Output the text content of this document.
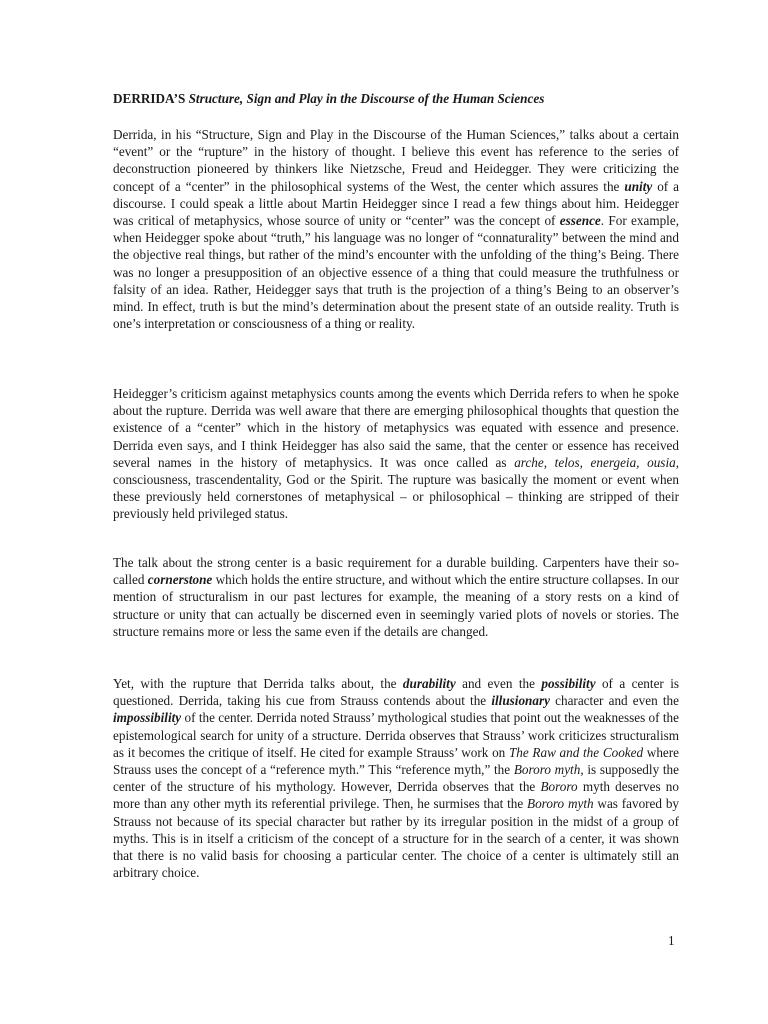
DERRIDA’S Structure, Sign and Play in the Discourse of the Human Sciences

Derrida, in his “Structure, Sign and Play in the Discourse of the Human Sciences,” talks about a certain “event” or the “rupture” in the history of thought. I believe this event has reference to the series of deconstruction pioneered by thinkers like Nietzsche, Freud and Heidegger. They were criticizing the concept of a “center” in the philosophical systems of the West, the center which assures the unity of a discourse. I could speak a little about Martin Heidegger since I read a few things about him. Heidegger was critical of metaphysics, whose source of unity or “center” was the concept of essence. For example, when Heidegger spoke about “truth,” his language was no longer of “connaturality” between the mind and the objective real things, but rather of the mind’s encounter with the unfolding of the thing’s Being. There was no longer a presupposition of an objective essence of a thing that could measure the truthfulness or falsity of an idea. Rather, Heidegger says that truth is the projection of a thing’s Being to an observer’s mind. In effect, truth is but the mind’s determination about the present state of an outside reality. Truth is one’s interpretation or consciousness of a thing or reality.

Heidegger’s criticism against metaphysics counts among the events which Derrida refers to when he spoke about the rupture. Derrida was well aware that there are emerging philosophical thoughts that question the existence of a “center” which in the history of metaphysics was equated with essence and presence. Derrida even says, and I think Heidegger has also said the same, that the center or essence has received several names in the history of metaphysics. It was once called as arche, telos, energeia, ousia, consciousness, trascendentality, God or the Spirit. The rupture was basically the moment or event when these previously held cornerstones of metaphysical – or philosophical – thinking are stripped of their previously held privileged status.

The talk about the strong center is a basic requirement for a durable building. Carpenters have their so-called cornerstone which holds the entire structure, and without which the entire structure collapses. In our mention of structuralism in our past lectures for example, the meaning of a story rests on a kind of structure or unity that can actually be discerned even in seemingly varied plots of novels or stories. The structure remains more or less the same even if the details are changed.

Yet, with the rupture that Derrida talks about, the durability and even the possibility of a center is questioned. Derrida, taking his cue from Strauss contends about the illusionary character and even the impossibility of the center. Derrida noted Strauss’ mythological studies that point out the weaknesses of the epistemological search for unity of a structure. Derrida observes that Strauss’ work criticizes structuralism as it becomes the critique of itself. He cited for example Strauss’ work on The Raw and the Cooked where Strauss uses the concept of a “reference myth.” This “reference myth,” the Bororo myth, is supposedly the center of the structure of his mythology. However, Derrida observes that the Bororo myth deserves no more than any other myth its referential privilege. Then, he surmises that the Bororo myth was favored by Strauss not because of its special character but rather by its irregular position in the midst of a group of myths. This is in itself a criticism of the concept of a structure for in the search of a center, it was shown that there is no valid basis for choosing a particular center. The choice of a center is ultimately still an arbitrary choice.

1
